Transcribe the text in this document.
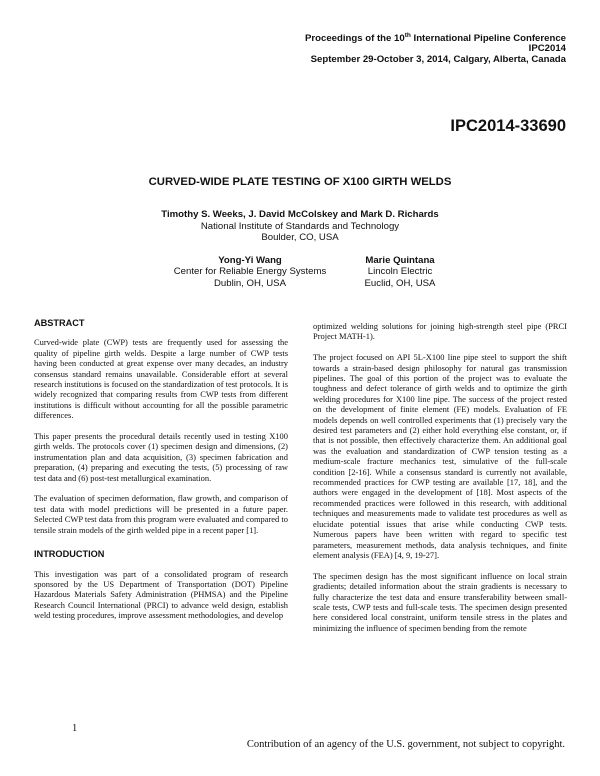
Proceedings of the 10th International Pipeline Conference
IPC2014
September 29-October 3, 2014, Calgary, Alberta, Canada
IPC2014-33690
CURVED-WIDE PLATE TESTING OF X100 GIRTH WELDS
Timothy S. Weeks, J. David McColskey and Mark D. Richards
National Institute of Standards and Technology
Boulder, CO, USA
Yong-Yi Wang
Center for Reliable Energy Systems
Dublin, OH, USA
Marie Quintana
Lincoln Electric
Euclid, OH, USA
ABSTRACT

Curved-wide plate (CWP) tests are frequently used for assessing the quality of pipeline girth welds. Despite a large number of CWP tests having been conducted at great expense over many decades, an industry consensus standard remains unavailable. Considerable effort at several research institutions is focused on the standardization of test protocols. It is widely recognized that comparing results from CWP tests from different institutions is difficult without accounting for all the possible parametric differences.

This paper presents the procedural details recently used in testing X100 girth welds. The protocols cover (1) specimen design and dimensions, (2) instrumentation plan and data acquisition, (3) specimen fabrication and preparation, (4) preparing and executing the tests, (5) processing of raw test data and (6) post-test metallurgical examination.

The evaluation of specimen deformation, flaw growth, and comparison of test data with model predictions will be presented in a future paper. Selected CWP test data from this program were evaluated and compared to tensile strain models of the girth welded pipe in a recent paper [1].

INTRODUCTION

This investigation was part of a consolidated program of research sponsored by the US Department of Transportation (DOT) Pipeline Hazardous Materials Safety Administration (PHMSA) and the Pipeline Research Council International (PRCI) to advance weld design, establish weld testing procedures, improve assessment methodologies, and develop

optimized welding solutions for joining high-strength steel pipe (PRCI Project MATH-1).

The project focused on API 5L-X100 line pipe steel to support the shift towards a strain-based design philosophy for natural gas transmission pipelines. The goal of this portion of the project was to evaluate the toughness and defect tolerance of girth welds and to optimize the girth welding procedures for X100 line pipe. The success of the project rested on the development of finite element (FE) models. Evaluation of FE models depends on well controlled experiments that (1) precisely vary the desired test parameters and (2) either hold everything else constant, or, if that is not possible, then effectively characterize them. An additional goal was the evaluation and standardization of CWP tension testing as a medium-scale fracture mechanics test, simulative of the full-scale condition [2-16]. While a consensus standard is currently not available, recommended practices for CWP testing are available [17, 18], and the authors were engaged in the development of [18]. Most aspects of the recommended practices were followed in this research, with additional techniques and measurements made to validate test procedures as well as elucidate potential issues that arise while conducting CWP tests. Numerous papers have been written with regard to specific test parameters, measurement methods, data analysis techniques, and finite element analysis (FEA) [4, 9, 19-27].

The specimen design has the most significant influence on local strain gradients; detailed information about the strain gradients is necessary to fully characterize the test data and ensure transferability between small-scale tests, CWP tests and full-scale tests. The specimen design presented here considered local constraint, uniform tensile stress in the plates and minimizing the influence of specimen bending from the remote

1
Contribution of an agency of the U.S. government, not subject to copyright.
